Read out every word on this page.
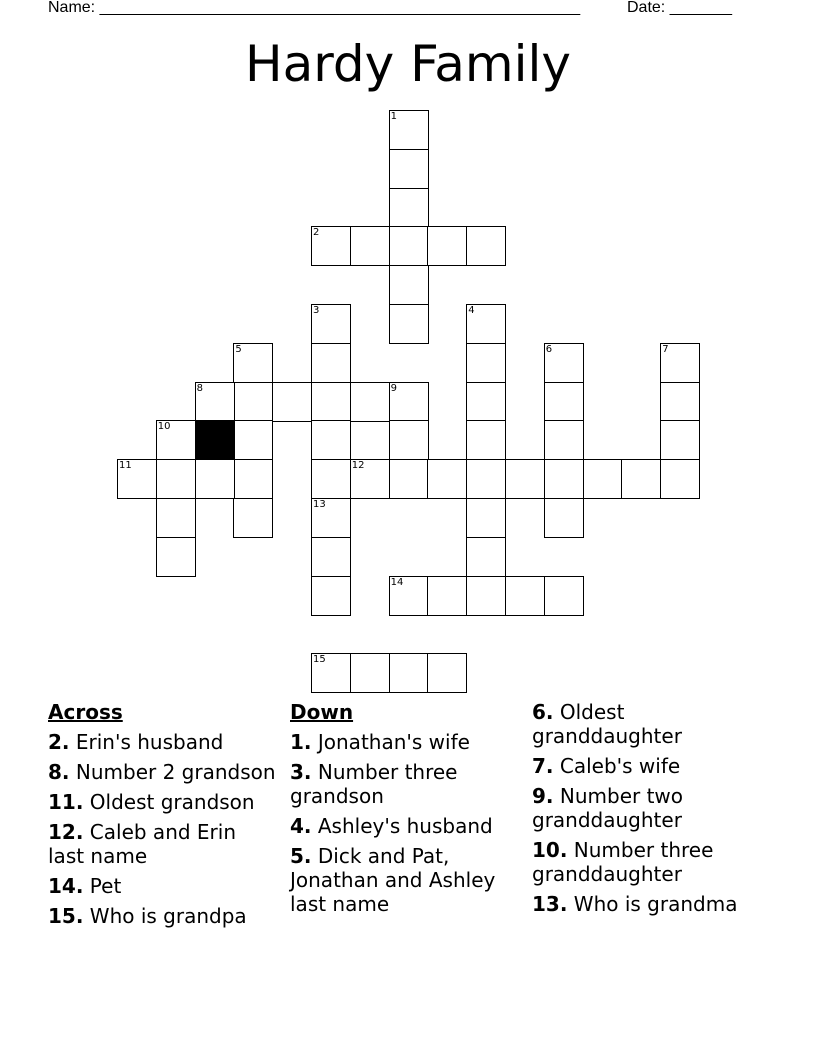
Name: ______________________________________________________	Date: _______
Hardy Family
1
2
3	4
5	6	7
8	9
10
11	12
13
14
15
Across
2. Erin's husband
8. Number 2 grandson
11. Oldest grandson
12. Caleb and Erin last name
14. Pet
15. Who is grandpa
Down
1. Jonathan's wife
3. Number three grandson
4. Ashley's husband
5. Dick and Pat, Jonathan and Ashley last name
6. Oldest granddaughter
7. Caleb's wife
9. Number two granddaughter
10. Number three granddaughter
13. Who is grandma
